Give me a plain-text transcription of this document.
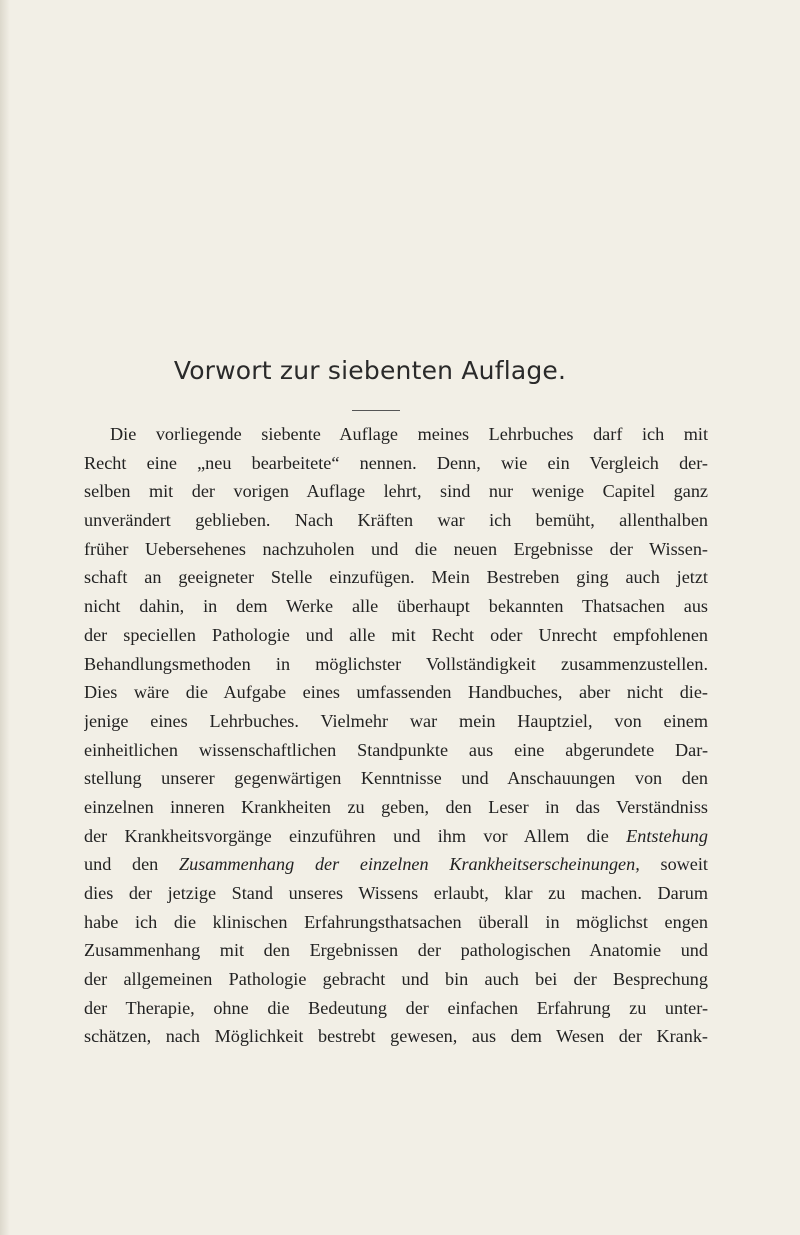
Vorwort zur siebenten Auflage.
Die vorliegende siebente Auflage meines Lehrbuches darf ich mit
Recht eine „neu bearbeitete“ nennen. Denn, wie ein Vergleich der-
selben mit der vorigen Auflage lehrt, sind nur wenige Capitel ganz
unverändert geblieben. Nach Kräften war ich bemüht, allenthalben
früher Uebersehenes nachzuholen und die neuen Ergebnisse der Wissen-
schaft an geeigneter Stelle einzufügen. Mein Bestreben ging auch jetzt
nicht dahin, in dem Werke alle überhaupt bekannten Thatsachen aus
der speciellen Pathologie und alle mit Recht oder Unrecht empfohlenen
Behandlungsmethoden in möglichster Vollständigkeit zusammenzustellen.
Dies wäre die Aufgabe eines umfassenden Handbuches, aber nicht die-
jenige eines Lehrbuches. Vielmehr war mein Hauptziel, von einem
einheitlichen wissenschaftlichen Standpunkte aus eine abgerundete Dar-
stellung unserer gegenwärtigen Kenntnisse und Anschauungen von den
einzelnen inneren Krankheiten zu geben, den Leser in das Verständniss
der Krankheitsvorgänge einzuführen und ihm vor Allem die Entstehung
und den Zusammenhang der einzelnen Krankheitserscheinungen, soweit
dies der jetzige Stand unseres Wissens erlaubt, klar zu machen. Darum
habe ich die klinischen Erfahrungsthatsachen überall in möglichst engen
Zusammenhang mit den Ergebnissen der pathologischen Anatomie und
der allgemeinen Pathologie gebracht und bin auch bei der Besprechung
der Therapie, ohne die Bedeutung der einfachen Erfahrung zu unter-
schätzen, nach Möglichkeit bestrebt gewesen, aus dem Wesen der Krank-
